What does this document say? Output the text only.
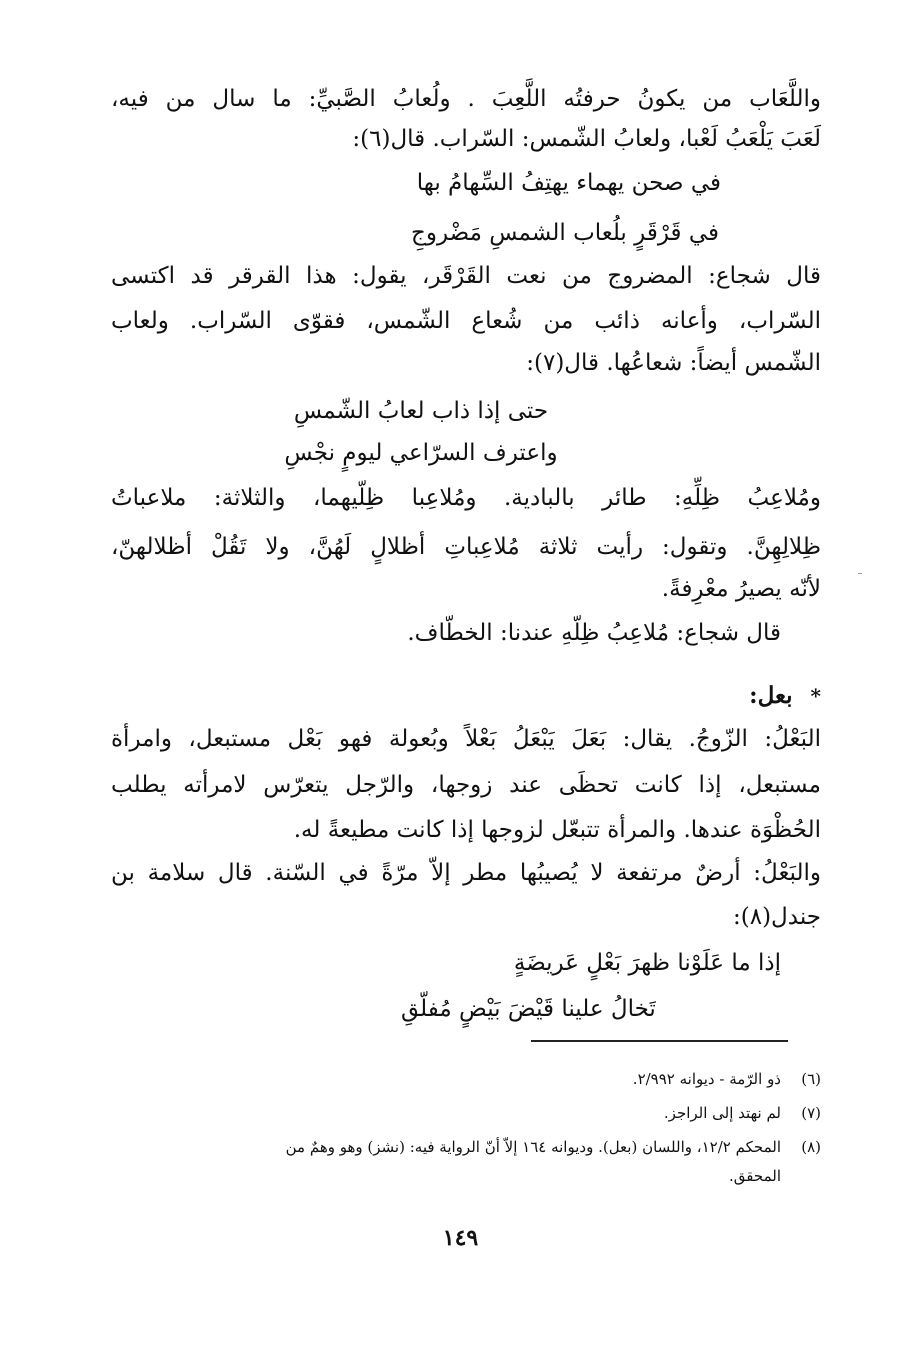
واللَّعَاب من يكونُ حرفتُه اللَّعِبَ . ولُعابُ الصَّبيِّ: ما سال من فيه،
لَعَبَ يَلْعَبُ لَعْبا، ولعابُ الشّمس: السّراب. قال(٦):
في صحن يهماء يهتِفُ السِّهامُ بها
في قَرْقَرٍ بلُعاب الشمسِ مَضْروجِ
قال شجاع: المضروج من نعت القَرْقَر، يقول: هذا القرقر قد اكتسى
السّراب، وأعانه ذائب من شُعاع الشّمس، فقوّى السّراب. ولعاب
الشّمس أيضاً: شعاعُها. قال(٧):
حتى إذا ذاب لعابُ الشّمسِ
واعترف السرّاعي ليومٍ نجْسِ
ومُلاعِبُ ظِلِّهِ: طائر بالبادية. ومُلاعِبا ظِلّيهما، والثلاثة: ملاعباتُ
ظِلالِهِنَّ. وتقول: رأيت ثلاثة مُلاعِباتِ أظلالٍ لَهُنَّ، ولا تَقُلْ أظلالهنّ،
لأنّه يصيرُ معْرِفةً.
قال شجاع: مُلاعِبُ ظِلّهِ عندنا: الخطّاف.
* بعل:
البَعْلُ: الزّوجُ. يقال: بَعَلَ يَبْعَلُ بَعْلاً وبُعولة فهو بَعْل مستبعل، وامرأة
مستبعل، إذا كانت تحظَى عند زوجها، والرّجل يتعرّس لامرأته يطلب
الحُظْوَة عندها. والمرأة تتبعّل لزوجها إذا كانت مطيعةً له.
والبَعْلُ: أرضٌ مرتفعة لا يُصيبُها مطر إلاّ مرّةً في السّنة. قال سلامة بن
جندل(٨):
إذا ما عَلَوْنا ظهرَ بَعْلٍ عَريضَةٍ
تَخالُ علينا قَيْضَ بَيْضٍ مُفلّقِ
(٦)ذو الرّمة - ديوانه ٢/٩٩٢.
(٧)لم نهتد إلى الراجز.
(٨)المحكم ١٢/٢، واللسان (بعل). وديوانه ١٦٤ إلاّ أنّ الرواية فيه: (نشز) وهو وهمٌ من
المحقق.
١٤٩
